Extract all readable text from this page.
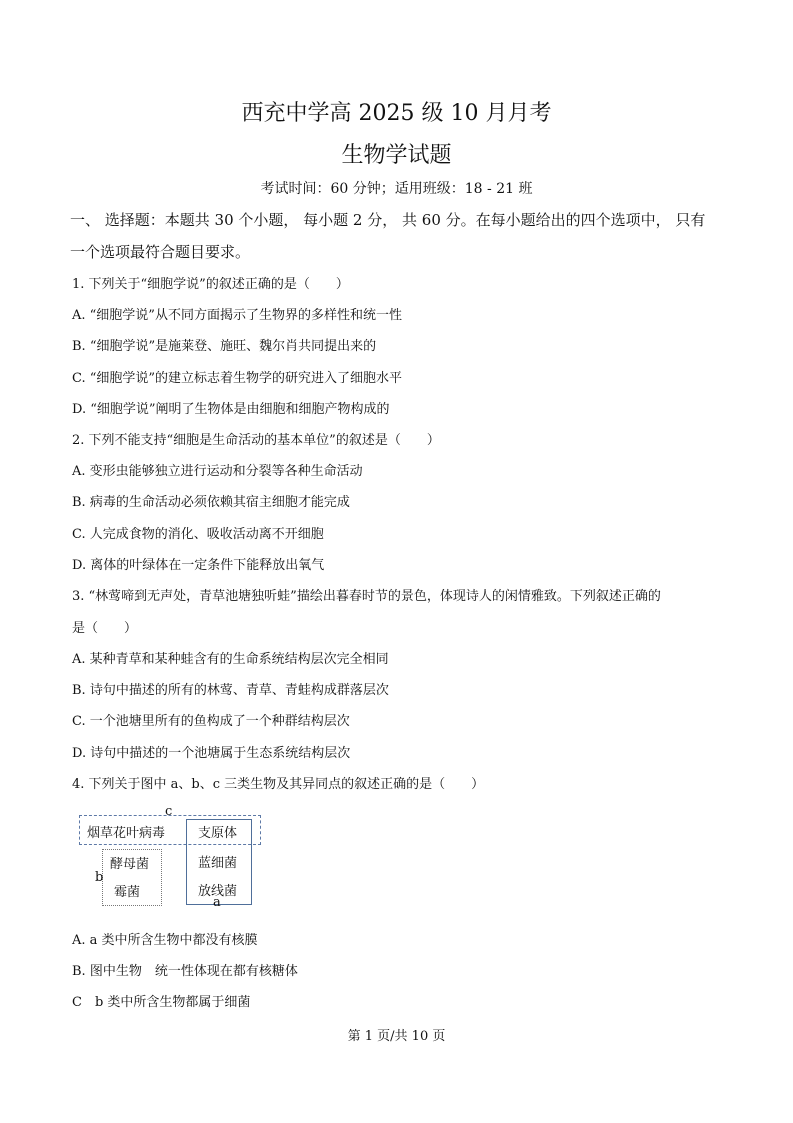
西充中学高 2025 级 10 月月考
生物学试题
考试时间：60 分钟；适用班级：18 - 21 班
一、 选择题：本题共 30 个小题， 每小题 2 分， 共 60 分。在每小题给出的四个选项中， 只有
一个选项最符合题目要求。
1. 下列关于“细胞学说”的叙述正确的是（　　）
A. “细胞学说”从不同方面揭示了生物界的多样性和统一性
B. “细胞学说”是施莱登、施旺、魏尔肖共同提出来的
C. “细胞学说”的建立标志着生物学的研究进入了细胞水平
D. “细胞学说”阐明了生物体是由细胞和细胞产物构成的
2. 下列不能支持“细胞是生命活动的基本单位”的叙述是（　　）
A. 变形虫能够独立进行运动和分裂等各种生命活动
B. 病毒的生命活动必须依赖其宿主细胞才能完成
C. 人完成食物的消化、吸收活动离不开细胞
D. 离体的叶绿体在一定条件下能释放出氧气
3. “林莺啼到无声处，青草池塘独听蛙”描绘出暮春时节的景色，体现诗人的闲情雅致。下列叙述正确的
是（　　）
A. 某种青草和某种蛙含有的生命系统结构层次完全相同
B. 诗句中描述的所有的林莺、青草、青蛙构成群落层次
C. 一个池塘里所有的鱼构成了一个种群结构层次
D. 诗句中描述的一个池塘属于生态系统结构层次
4. 下列关于图中 a、b、c 三类生物及其异同点的叙述正确的是（　　）
c
b
a
烟草花叶病毒	支原体
蓝细菌
放线菌
酵母菌
霉菌
A. a 类中所含生物中都没有核膜
B. 图中生物　统一性体现在都有核糖体
C　b 类中所含生物都属于细菌
第 1 页/共 10 页
